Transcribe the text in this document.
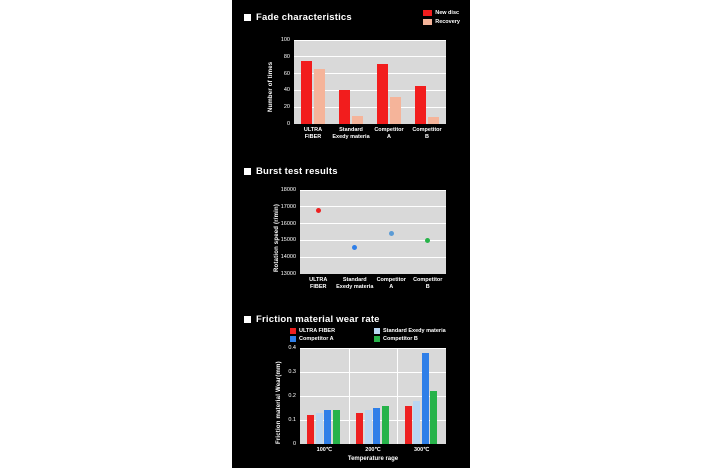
Fade characteristics	New disc
Recovery
Number of times
Burst test results
Rotation speed (r/min)
Friction material wear rate
ULTRA FIBER	Standard Exedy materia
Competitor A	Competitor B
Friction material Wear(mm)
Temperature rage
0
20
40
60
80
100
ULTRA
FIBER
Standard
Exedy materia
Competitor
A
Competitor
B
13000
14000
15000
16000
17000
18000
ULTRA
FIBER
Standard
Exedy materia
Competitor
A
Competitor
B
0
0.1
0.2
0.3
0.4
100℃	200℃	300℃
